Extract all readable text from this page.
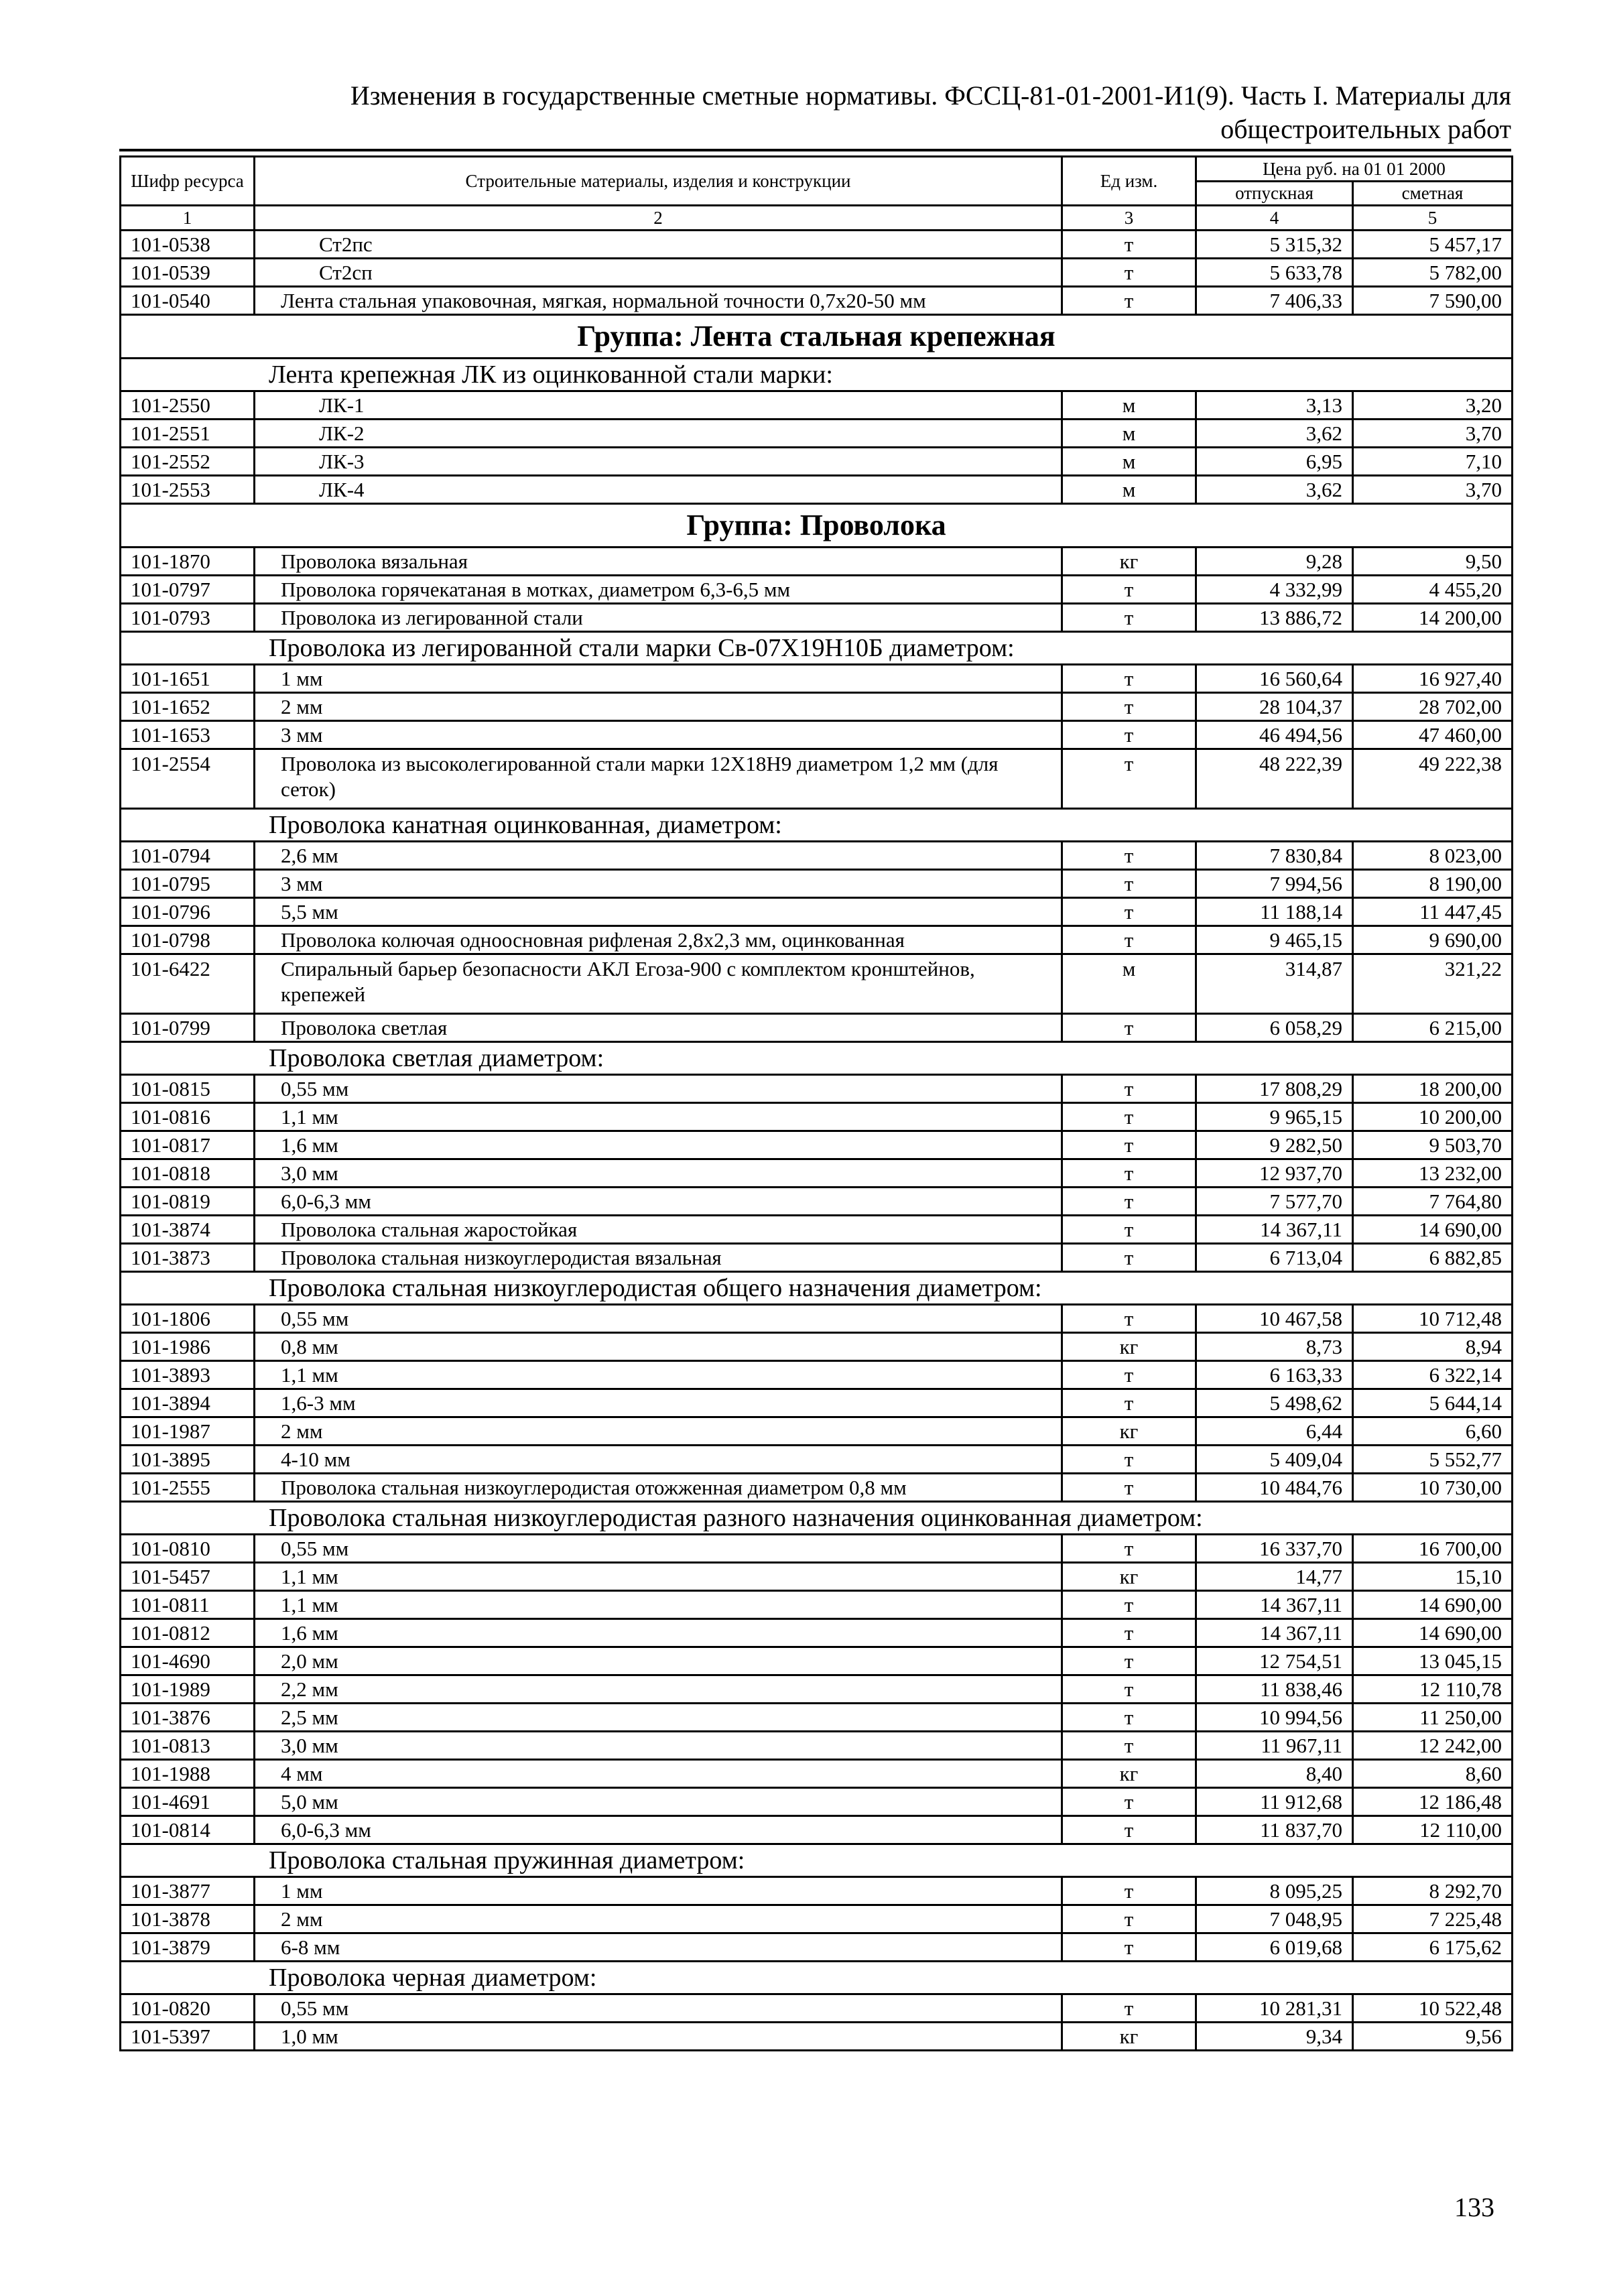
Изменения в государственные сметные нормативы. ФССЦ-81-01-2001-И1(9). Часть I. Материалы для
общестроительных работ
Шифр ресурса	Строительные материалы, изделия и конструкции	Ед изм.	Цена руб. на 01 01 2000	
			отпускная	сметная
1	2	3	4	5
101-0538	Ст2пс	т	5 315,32	5 457,17
101-0539	Ст2сп	т	5 633,78	5 782,00
101-0540	Лента стальная упаковочная, мягкая, нормальной точности 0,7x20-50 мм	т	7 406,33	7 590,00
Группа: Лента стальная крепежная				
Лента крепежная ЛК из оцинкованной стали марки:				
101-2550	ЛК-1	м	3,13	3,20
101-2551	ЛК-2	м	3,62	3,70
101-2552	ЛК-3	м	6,95	7,10
101-2553	ЛК-4	м	3,62	3,70
Группа: Проволока				
101-1870	Проволока вязальная	кг	9,28	9,50
101-0797	Проволока горячекатаная в мотках, диаметром 6,3-6,5 мм	т	4 332,99	4 455,20
101-0793	Проволока из легированной стали	т	13 886,72	14 200,00
Проволока из легированной стали марки Св-07Х19Н10Б диаметром:				
101-1651	1 мм	т	16 560,64	16 927,40
101-1652	2 мм	т	28 104,37	28 702,00
101-1653	3 мм	т	46 494,56	47 460,00
101-2554	Проволока из высоколегированной стали марки 12Х18Н9 диаметром 1,2 мм (для сеток)	т	48 222,39	49 222,38
Проволока канатная оцинкованная, диаметром:				
101-0794	2,6 мм	т	7 830,84	8 023,00
101-0795	3 мм	т	7 994,56	8 190,00
101-0796	5,5 мм	т	11 188,14	11 447,45
101-0798	Проволока колючая одноосновная рифленая 2,8x2,3 мм, оцинкованная	т	9 465,15	9 690,00
101-6422	Спиральный барьер безопасности АКЛ Егоза-900 с комплектом кронштейнов, крепежей	м	314,87	321,22
101-0799	Проволока светлая	т	6 058,29	6 215,00
Проволока светлая диаметром:				
101-0815	0,55 мм	т	17 808,29	18 200,00
101-0816	1,1 мм	т	9 965,15	10 200,00
101-0817	1,6 мм	т	9 282,50	9 503,70
101-0818	3,0 мм	т	12 937,70	13 232,00
101-0819	6,0-6,3 мм	т	7 577,70	7 764,80
101-3874	Проволока стальная жаростойкая	т	14 367,11	14 690,00
101-3873	Проволока стальная низкоуглеродистая вязальная	т	6 713,04	6 882,85
Проволока стальная низкоуглеродистая общего назначения диаметром:				
101-1806	0,55 мм	т	10 467,58	10 712,48
101-1986	0,8 мм	кг	8,73	8,94
101-3893	1,1 мм	т	6 163,33	6 322,14
101-3894	1,6-3 мм	т	5 498,62	5 644,14
101-1987	2 мм	кг	6,44	6,60
101-3895	4-10 мм	т	5 409,04	5 552,77
101-2555	Проволока стальная низкоуглеродистая отожженная диаметром 0,8 мм	т	10 484,76	10 730,00
Проволока стальная низкоуглеродистая разного назначения оцинкованная диаметром:				
101-0810	0,55 мм	т	16 337,70	16 700,00
101-5457	1,1 мм	кг	14,77	15,10
101-0811	1,1 мм	т	14 367,11	14 690,00
101-0812	1,6 мм	т	14 367,11	14 690,00
101-4690	2,0 мм	т	12 754,51	13 045,15
101-1989	2,2 мм	т	11 838,46	12 110,78
101-3876	2,5 мм	т	10 994,56	11 250,00
101-0813	3,0 мм	т	11 967,11	12 242,00
101-1988	4 мм	кг	8,40	8,60
101-4691	5,0 мм	т	11 912,68	12 186,48
101-0814	6,0-6,3 мм	т	11 837,70	12 110,00
Проволока стальная пружинная диаметром:				
101-3877	1 мм	т	8 095,25	8 292,70
101-3878	2 мм	т	7 048,95	7 225,48
101-3879	6-8 мм	т	6 019,68	6 175,62
Проволока черная диаметром:				
101-0820	0,55 мм	т	10 281,31	10 522,48
101-5397	1,0 мм	кг	9,34	9,56
133
